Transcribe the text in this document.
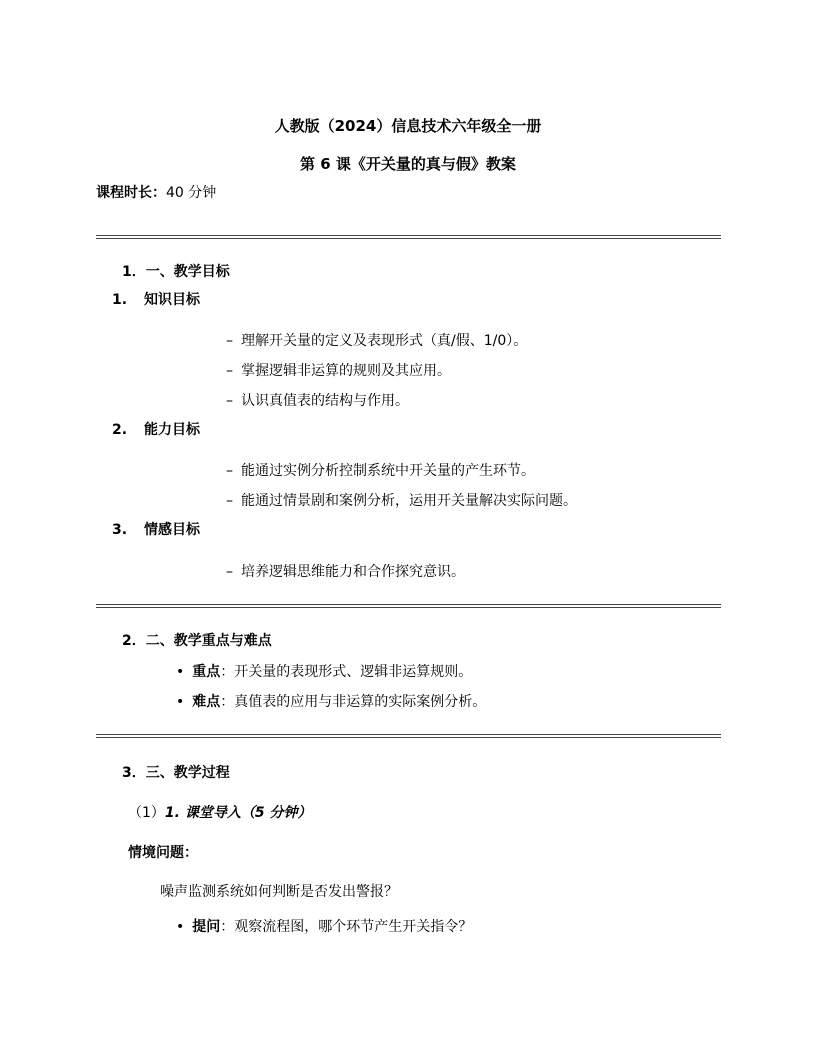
人教版（2024）信息技术六年级全一册
第 6 课《开关量的真与假》教案
课程时长：40 分钟
1．一、教学目标
1. 知识目标
– 理解开关量的定义及表现形式（真/假、1/0）。
– 掌握逻辑非运算的规则及其应用。
– 认识真值表的结构与作用。
2. 能力目标
– 能通过实例分析控制系统中开关量的产生环节。
– 能通过情景剧和案例分析，运用开关量解决实际问题。
3. 情感目标
– 培养逻辑思维能力和合作探究意识。
2．二、教学重点与难点
• 重点：开关量的表现形式、逻辑非运算规则。
• 难点：真值表的应用与非运算的实际案例分析。
3．三、教学过程
（1）1. 课堂导入（5 分钟）
情境问题：
噪声监测系统如何判断是否发出警报？
• 提问：观察流程图，哪个环节产生开关指令？
